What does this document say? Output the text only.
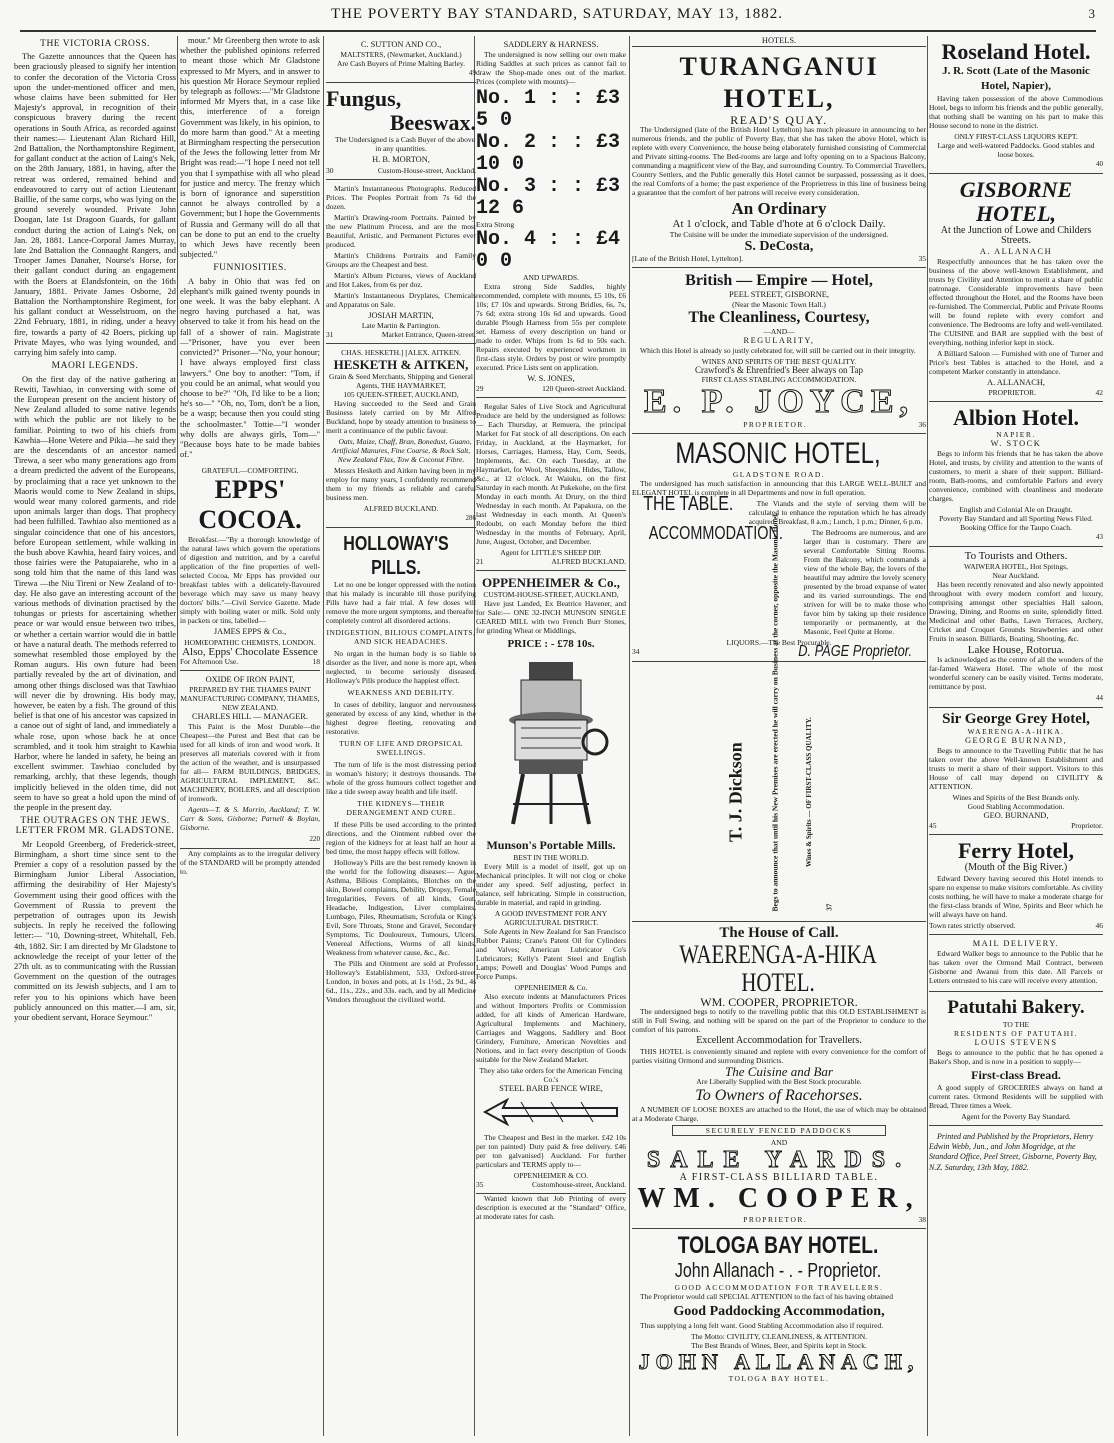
THE POVERTY BAY STANDARD, SATURDAY, MAY 13, 1882.	3
THE VICTORIA CROSS.

The Gazette announces that the Queen has been graciously pleased to signify her intention to confer the decoration of the Victoria Cross upon the under-mentioned officer and men, whose claims have been submitted for Her Majesty's approval, in recognition of their conspicuous bravery during the recent operations in South Africa, as recorded against their names:— Lieutenant Alan Richard Hill, 2nd Battalion, the Northamptonshire Regiment, for gallant conduct at the action of Laing's Nek, on the 28th January, 1881, in having, after the retreat was ordered, remained behind and endeavoured to carry out of action Lieutenant Baillie, of the same corps, who was lying on the ground severely wounded. Private John Doogan, late 1st Dragoon Guards, for gallant conduct during the action of Laing's Nek, on Jan. 28, 1881. Lance-Corporal James Murray, late 2nd Battalion the Connaught Rangers, and Trooper James Danaher, Nourse's Horse, for their gallant conduct during an engagement with the Boers at Elandsfontein, on the 16th January, 1881. Private James Osborne, 2d Battalion the Northamptonshire Regiment, for his gallant conduct at Wesselstroom, on the 22nd February, 1881, in riding, under a heavy fire, towards a party of 42 Boers, picking up Private Mayes, who was lying wounded, and carrying him safely into camp.

MAORI LEGENDS.

On the first day of the native gathering at Rewiti, Tawhiao, in conversing with some of the European present on the ancient history of New Zealand alluded to some native legends with which the public are not likely to be familiar. Pointing to two of his chiefs from Kawhia—Hone Wetere and Pikia—he said they are the descendants of an ancestor named Tirewa, a seer who many generations ago from a dream predicted the advent of the Europeans, by proclaiming that a race yet unknown to the Maoris would come to New Zealand in ships, would wear many colored garments, and ride upon animals larger than dogs. That prophecy had been fulfilled. Tawhiao also mentioned as a singular coincidence that one of his ancestors, before European settlement, while walking in the bush above Kawhia, heard fairy voices, and those fairies were the Patupaiarehe, who in a song told him that the name of this land was Tirewa —the Niu Tireni or New Zealand of to-day. He also gave an interesting account of the various methods of divination practised by the tohungas or priests for ascertaining whether peace or war would ensue between two tribes, or whether a certain warrior would die in battle or have a natural death. The methods referred to somewhat resembled those employed by the Roman augurs. His own future had been partially revealed by the art of divination, and among other things disclosed was that Tawhiao will never die by drowning. His body may, however, be eaten by a fish. The ground of this belief is that one of his ancestor was capsized in a canoe out of sight of land, and immediately a whale rose, upon whose back he at once scrambled, and it took him straight to Kawhia Harbor, where he landed in safety, he being an excellent swimmer. Tawhiao concluded by remarking, archly, that these legends, though implicitly believed in the olden time, did not seem to have so great a hold upon the mind of the people in the present day.

THE OUTRAGES ON THE JEWS. LETTER FROM MR. GLADSTONE.

Mr Leopold Greenberg, of Frederick-street, Birmingham, a short time since sent to the Premier a copy of a resolution passed by the Birmingham Junior Liberal Association, affirming the desirability of Her Majesty's Government using their good offices with the Government of Russia to prevent the perpetration of outrages upon its Jewish subjects. In reply he received the following letter:— "10, Downing-street, Whitehall, Feb. 4th, 1882. Sir: I am directed by Mr Gladstone to acknowledge the receipt of your letter of the 27th ult. as to communicating with the Russian Government on the question of the outrages committed on its Jewish subjects, and I am to refer you to his opinions which have been publicly announced on this matter.—I am, sir, your obedient servant, Horace Seymour."

mour." Mr Greenberg then wrote to ask whether the published opinions referred to meant those which Mr Gladstone expressed to Mr Myers, and in answer to his question Mr Horace Seymour replied by telegraph as follows:—"Mr Gladstone informed Mr Myers that, in a case like this, interference of a foreign Government was likely, in his opinion, to do more harm than good." At a meeting at Birmingham respecting the persecution of the Jews the following letter from Mr Bright was read:—"I hope I need not tell you that I sympathise with all who plead for justice and mercy. The frenzy which is born of ignorance and superstition cannot be always controlled by a Government; but I hope the Governments of Russia and Germany will do all that can be done to put an end to the cruelty to which Jews have recently been subjected."

FUNNIOSITIES.

A baby in Ohio that was fed on elephant's milk gained twenty pounds in one week. It was the baby elephant. A negro having purchased a hat, was observed to take it from his head on the fall of a shower of rain. Magistrate—"Prisoner, have you ever been convicted?" Prisoner—"No, your honour; I have always employed first class lawyers." One boy to another: "Tom, if you could be an animal, what would you choose to be?" "Oh, I'd like to be a lion; he's so—" "Oh, no, Tom, don't be a lion, be a wasp; because then you could sting the schoolmaster." Tottie—"I wonder why dolls are always girls, Tom—" "Because boys hate to be made babies of."

GRATEFUL—COMFORTING.
EPPS' COCOA.

Breakfast.—"By a thorough knowledge of the natural laws which govern the operations of digestion and nutrition, and by a careful application of the fine properties of well-selected Cocoa, Mr Epps has provided our breakfast tables with a delicately-flavoured beverage which may save us many heavy doctors' bills."—Civil Service Gazette. Made simply with boiling water or milk. Sold only in packets or tins, labelled—

JAMES EPPS & Co.,
HOMŒOPATHIC CHEMISTS, LONDON.
Also, Epps' Chocolate Essence
For Afternoon Use.	18
OXIDE OF IRON PAINT,
PREPARED BY THE THAMES PAINT MANUFACTURING COMPANY, THAMES, NEW ZEALAND.
CHARLES HILL — MANAGER.

This Paint is the Most Durable—the Cheapest—the Purest and Best that can be used for all kinds of iron and wood work. It preserves all materials covered with it from the action of the weather, and is unsurpassed for all— FARM BUILDINGS, BRIDGES, AGRICULTURAL IMPLEMENT, &C. MACHINERY, BOILERS, and all description of ironwork.

Agents—T. & S. Morrin, Auckland; T. W. Carr & Sons, Gisborne; Parnell & Boylan, Gisborne.

220

Any complaints as to the irregular delivery of the STANDARD will be promptly attended to.

C. SUTTON AND CO.,
MALTSTERS, (Newmarket, Auckland.)
Are Cash Buyers of Prime Malting Barley.
49
Fungus,
Beeswax.

The Undersigned is a Cash Buyer of the above in any quantities.

H. B. MORTON,
30	Custom-House-street, Auckland.

Martin's Instantaneous Photographs. Reduced Prices. The Peoples Portrait from 7s 6d the dozen.

Martin's Drawing-room Portraits. Painted by the new Platinum Process, and are the most Beautiful, Artistic, and Permanent Pictures ever produced.

Martin's Childrens Portraits and Family Groups are the Cheapest and best.

Martin's Album Pictures, views of Auckland and Hot Lakes, from 6s per doz.

Martin's Instantaneous Dryplates, Chemicals and Apparatus on Sale.

JOSIAH MARTIN,
Late Martin & Partington.
31	Market Entrance, Queen-street.
CHAS. HESKETH.] [ALEX. AITKEN.
HESKETH & AITKEN,
Grain & Seed Merchants, Shipping and General Agents, THE HAYMARKET,
105 QUEEN-STREET, AUCKLAND,

Having succeeded to the Seed and Grain Business lately carried on by Mr Alfred Buckland, hope by steady attention to business to merit a continuance of the public favour.

Oats, Maize, Chaff, Bran, Bonedust, Guano, Artificial Manures, Fine Coarse, & Rock Salt, New Zealand Flax, Tow & Coconut Fibre.

Messrs Hesketh and Aitken having been in my employ for many years, I confidently recommend them to my friends as reliable and careful business men.

ALFRED BUCKLAND.
286
HOLLOWAY'S PILLS.

Let no one be longer oppressed with the notion that his malady is incurable till those purifying Pills have had a fair trial. A few doses will remove the more urgent symptoms, and thereafter completely control all disordered actions.

INDIGESTION, BILIOUS COMPLAINTS, AND SICK HEADACHES.

No organ in the human body is so liable to disorder as the liver, and none is more apt, when neglected, to become seriously diseased. Holloway's Pills produce the happiest effect.

WEAKNESS AND DEBILITY.

In cases of debility, languor and nervousness generated by excess of any kind, whether in the highest degree fleeting, renovating and restorative.

TURN OF LIFE AND DROPSICAL SWELLINGS.

The turn of life is the most distressing period in woman's history; it destroys thousands. The whole of the gross humours collect together and like a tide sweep away health and life itself.

THE KIDNEYS—THEIR DERANGEMENT AND CURE.

If these Pills be used according to the printed directions, and the Ointment rubbed over the region of the kidneys for at least half an hour at bed time, the most happy effects will follow.

Holloway's Pills are the best remedy known in the world for the following diseases:— Ague, Asthma, Bilious Complaints, Blotches on the skin, Bowel complaints, Debility, Dropsy, Female Irregularities, Fevers of all kinds, Gout, Headache, Indigestion, Liver complaints, Lumbago, Piles, Rheumatism, Scrofula or King's Evil, Sore Throats, Stone and Gravel, Secondary Symptoms, Tic Douloureux, Tumours, Ulcers, Venereal Affections, Worms of all kinds, Weakness from whatever cause, &c., &c.

The Pills and Ointment are sold at Professor Holloway's Establishment, 533, Oxford-street London, in boxes and pots, at 1s 1½d., 2s 9d., 4s 6d., 11s., 22s., and 33s. each, and by all Medicine Vendors throughout the civilized world.

SADDLERY & HARNESS.

The undersigned is now selling our own make Riding Saddles at such prices as cannot fail to draw the Shop-made ones out of the market. Prices (complete with mounts)—

No. 1 : : £3 5 0
No. 2 : : £3 10 0
No. 3 : : £3 12 6
Extra Strong
No. 4 : : £4 0 0
AND UPWARDS.

Extra strong Side Saddles, highly recommended, complete with mounts, £5 10s, £6 10s; £7 10s and upwards. Strong Bridles, 6s, 7s, 7s 6d; extra strong 10s 6d and upwards. Good durable Plough Harness from 55s per complete set. Harness of every description on hand or made to order. Whips from 1s 6d to 50s each. Repairs executed by experienced workmen in first-class style. Orders by post or wire promptly executed. Price Lists sent on application.

W. S. JONES,
29	120 Queen-street Auckland.

Regular Sales of Live Stock and Agricultural Produce are held by the undersigned as follows:— Each Thursday, at Remuera, the principal Market for Fat stock of all descriptions. On each Friday, in Auckland, at the Haymarket, for Horses, Carriages, Harness, Hay, Corn, Seeds, Implements, &c. On each Tuesday, at the Haymarket, for Wool, Sheepskins, Hides, Tallow, &c., at 12 o'clock. At Waiuku, on the first Saturday in each month. At Pukekohe, on the first Monday in each month. At Drury, on the third Wednesday in each month. At Papakura, on the last Wednesday in each month. At Queen's Redoubt, on each Monday before the third Wednesday in the months of February, April, June, August, October, and December.

Agent for LITTLE'S SHEEP DIP.
21	ALFRED BUCKLAND.
OPPENHEIMER & Co.,
CUSTOM-HOUSE-STREET, AUCKLAND,

Have just Landed, Ex Beatrice Havener, and for Sale:— ONE 32-INCH MUNSON SINGLE GEARED MILL with two French Burr Stones, for grinding Wheat or Middlings,

PRICE : - £78 10s.
Munson's Portable Mills.
BEST IN THE WORLD.

Every Mill is a model of itself, got up on Mechanical principles. It will not clog or choke under any speed. Self adjusting, perfect in balance, self lubricating. Simple in construction, durable in material, and rapid in grinding.

A GOOD INVESTMENT FOR ANY AGRICULTURAL DISTRICT.

Sole Agents in New Zealand for San Francisco Rubber Paints; Crane's Patent Oil for Cylinders and Valves; American Lubricator Co's Lubricators; Kelly's Patent Steel and English Lamps; Powell and Douglas' Wood Pumps and Force Pumps.

OPPENHEIMER & Co.

Also execute indents at Manufacturers Prices and without Importers Profits or Commission added, for all kinds of American Hardware, Agricultural Implements and Machinery, Carriages and Waggons, Saddlery and Boot Grindery, Furniture, American Novelties and Notions, and in fact every description of Goods suitable for the New Zealand Market.

They also take orders for the American Fencing Co.'s
STEEL BARB FENCE WIRE,

The Cheapest and Best in the market. £42 10s per ton painted} Duty paid & free delivery. £46 per ton galvanised} Auckland. For further particulars and TERMS apply to—

OPPENHEIMER & CO.
35	Customhouse-street, Auckland.

Wanted known that Job Printing of every description is executed at the "Standard" Office, at moderate rates for cash.

HOTELS.
TURANGANUI HOTEL,
READ'S QUAY.

The Undersigned (late of the British Hotel Lyttelton) has much pleasure in announcing to her numerous friends, and the public of Poverty Bay, that she has taken the above Hotel, which is replete with every Convenience, the house being elaborately furnished consisting of Commercial and Private sitting-rooms. The Bed-rooms are large and lofty opening on to a Spacious Balcony, commanding a magnificent view of the Bay, and surrounding Country. To Commercial Travellers, Country Settlers, and the Public generally this Hotel cannot be surpassed, possessing as it does, the real Comforts of a home; the past experience of the Proprietress in this line of business being a guarantee that the comfort of her patrons will receive every consideration.

An Ordinary
At 1 o'clock, and Table d'hote at 6 o'clock Daily.
The Cuisine will be under the immediate supervision of the undersigned.
S. DeCosta,
[Late of the British Hotel, Lyttelton].	35
British — Empire — Hotel,
PEEL STREET, GISBORNE,
(Near the Masonic Town Hall.)
The Cleanliness, Courtesy,
—AND—
REGULARITY,

Which this Hotel is already so justly celebrated for, will still be carried out in their integrity.

WINES AND SPIRITS OF THE BEST QUALITY.
Crawford's & Ehrenfried's Beer always on Tap
FIRST CLASS STABLING ACCOMMODATION.
E. P. JOYCE,
PROPRIETOR.	36
MASONIC HOTEL,
GLADSTONE ROAD.

The undersigned has much satisfaction in announcing that this LARGE WELL-BUILT and ELEGANT HOTEL is complete in all Departments and now in full operation.

THE TABLE.	The Viands and the style of serving them will be calculated to enhance the reputation which he has already acquired. Breakfast, 8 a.m.; Lunch, 1 p.m.; Dinner, 6 p.m.

ACCOMMODATION.	The Bedrooms are numerous, and are larger than is customary. There are several Comfortable Sitting Rooms. From the Balcony, which commands a view of the whole Bay, the lovers of the beautiful may admire the lovely scenery presented by the broad expanse of water and its varied surroundings. The end striven for will be to make those who favor him by taking up their residence temporarily or permanently, at the Masonic, Feel Quite at Home.

LIQUORS.—The Best Procurable.
34	D. PAGE Proprietor.
T. J. Dickson	Begs to announce that until his New Premises are erected he will carry on Business at the corner, opposite the Masonic Hotel.	Wines & Spirits — OF FIRST-CLASS QUALITY.
37
The House of Call.
WAERENGA-A-HIKA HOTEL.
WM. COOPER, PROPRIETOR.

The undersigned begs to notify to the travelling public that this OLD ESTABLISHMENT is still in Full Swing, and nothing will be spared on the part of the Proprietor to conduce to the comfort of his patrons.

Excellent Accommodation for Travellers.

THIS HOTEL is conveniently situated and replete with every convenience for the comfort of parties visiting Ormond and surrounding Districts.

The Cuisine and Bar
Are Liberally Supplied with the Best Stock procurable.
To Owners of Racehorses.

A NUMBER OF LOOSE BOXES are attached to the Hotel, the use of which may be obtained at a Moderate Charge.

SECURELY FENCED PADDOCKS
AND
SALE YARDS.
A FIRST-CLASS BILLIARD TABLE.
WM. COOPER,
PROPRIETOR.	38
TOLOGA BAY HOTEL. John Allanach - . - Proprietor.
GOOD ACCOMMODATION FOR TRAVELLERS.

The Proprietor would call SPECIAL ATTENTION to the fact of his having obtained

Good Paddocking Accommodation,

Thus supplying a long felt want. Good Stabling Accommodation also if required.

The Motto: CIVILITY, CLEANLINESS, & ATTENTION.
The Best Brands of Wines, Beer, and Spirits kept in Stock.
JOHN ALLANACH,
TOLOGA BAY HOTEL.
Roseland Hotel.
J. R. Scott (Late of the Masonic Hotel, Napier),

Having taken possession of the above Commodious Hotel, begs to inform his friends and the public generally, that nothing shall be wanting on his part to make this House second to none in the district.

ONLY FIRST-CLASS LIQUORS KEPT.
Large and well-watered Paddocks. Good stables and loose boxes.
40
GISBORNE HOTEL,
At the Junction of Lowe and Childers Streets.
A. ALLANACH

Respectfully announces that he has taken over the business of the above well-known Establishment, and trusts by Civility and Attention to merit a share of public patronage. Considerable improvements have been effected throughout the Hotel, and the Rooms have been re-furnished. The Commercial, Public and Private Rooms will be found replete with every comfort and convenience. The Bedrooms are lofty and well-ventilated. The CUISINE and BAR are supplied with the best of everything, nothing inferior kept in stock.

A Billiard Saloon — Furnished with one of Turner and Price's best Tables is attached to the Hotel, and a competent Marker constantly in attendance.

A. ALLANACH,
PROPRIETOR.	42
Albion Hotel.
NAPIER.
W. STOCK

Begs to inform his friends that he has taken the above Hotel, and trusts, by civility and attention to the wants of customers, to merit a share of their support. Billiard-room, Bath-rooms, and comfortable Parlors and every convenience, combined with cleanliness and moderate charges.

English and Colonial Ale on Draught.
Poverty Bay Standard and all Sporting News Filed.
Booking Office for the Taupo Coach.
43
To Tourists and Others.
WAIWERA HOTEL, Hot Springs,
Near Auckland.

Has been recently renovated and also newly appointed throughout with every modern comfort and luxury, comprising amongst other specialties Hall saloon, Drawing, Dining, and Rooms en suite, splendidly fitted. Medicinal and other Baths, Lawn Terraces, Archery, Cricket and Croquet Grounds Strawberries and other Fruits in season. Billiards, Boating, Shooting, &c.

Lake House, Rotorua.

Is acknowledged as the centre of all the wonders of the far-famed Waiwera Hotel. The whole of the most wonderful scenery can be easily visited. Terms moderate, remittance by post.

44
Sir George Grey Hotel,
WAERENGA-A-HIKA.
GEORGE BURNAND,

Begs to announce to the Travelling Public that he has taken over the above Well-known Establishment and trusts to merit a share of their support. Visitors to this House of call may depend on CIVILITY & ATTENTION.

Wines and Spirits of the Best Brands only.
Good Stabling Accommodation.
GEO. BURNAND,
45	Proprietor.
Ferry Hotel,
(Mouth of the Big River.)

Edward Devery having secured this Hotel intends to spare no expense to make visitors comfortable. As civility costs nothing, he will have to make a moderate charge for the first-class brands of Wine, Spirits and Beer which he will always have on hand.

Town rates strictly observed.	46
MAIL DELIVERY.

Edward Walker begs to announce to the Public that he has taken over the Ormond Mail Contract, between Gisborne and Awanui from this date. All Parcels or Letters entrusted to his care will receive every attention.

Patutahi Bakery.
TO THE
RESIDENTS OF PATUTAHI.
LOUIS STEVENS

Begs to announce to the public that he has opened a Baker's Shop, and is now in a position to supply—

First-class Bread.

A good supply of GROCERIES always on hand at current rates. Ormond Residents will be supplied with Bread, Three times a Week.

Agent for the Poverty Bay Standard.

Printed and Published by the Proprietors, Henry Edwin Webb, Jun., and John Mogridge, at the Standard Office, Peel Street, Gisborne, Poverty Bay, N.Z. Saturday, 13th May, 1882.
